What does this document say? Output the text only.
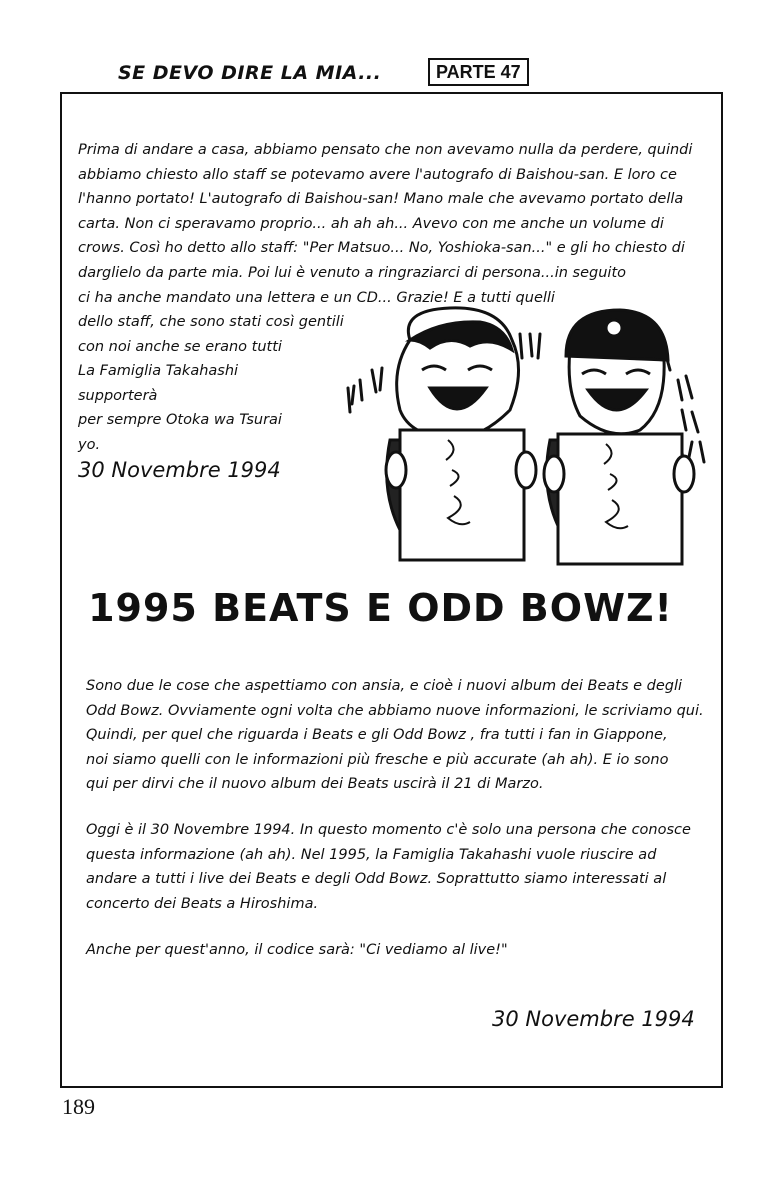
SE DEVO DIRE LA MIA...	PARTE 47
Prima di andare a casa, abbiamo pensato che non avevamo nulla da perdere, quindi
abbiamo chiesto allo staff se potevamo avere l'autografo di Baishou-san. E loro ce
l'hanno portato! L'autografo di Baishou-san! Mano male che avevamo portato della
carta. Non ci speravamo proprio... ah ah ah... Avevo con me anche un volume di
crows. Così ho detto allo staff: "Per Matsuo... No, Yoshioka-san..." e gli ho chiesto di
darglielo da parte mia. Poi lui è venuto a ringraziarci di persona...in seguito
ci ha anche mandato una lettera e un CD... Grazie! E a tutti quelli
dello staff, che sono stati così gentili
con noi anche se erano tutti
La Famiglia Takahashi supporterà
per sempre Otoka wa Tsurai yo.
30 Novembre 1994
1995 BEATS E ODD BOWZ!
Sono due le cose che aspettiamo con ansia, e cioè i nuovi album dei Beats e degli
Odd Bowz. Ovviamente ogni volta che abbiamo nuove informazioni, le scriviamo qui.
Quindi, per quel che riguarda i Beats e gli Odd Bowz , fra tutti i fan in Giappone,
noi siamo quelli con le informazioni più fresche e più accurate (ah ah). E io sono
qui per dirvi che il nuovo album dei Beats uscirà il 21 di Marzo.
Oggi è il 30 Novembre 1994. In questo momento c'è solo una persona che conosce
questa informazione (ah ah). Nel 1995, la Famiglia Takahashi vuole riuscire ad
andare a tutti i live dei Beats e degli Odd Bowz. Soprattutto siamo interessati al
concerto dei Beats a Hiroshima.
Anche per quest'anno, il codice sarà: "Ci vediamo al live!"
30 Novembre 1994
189
